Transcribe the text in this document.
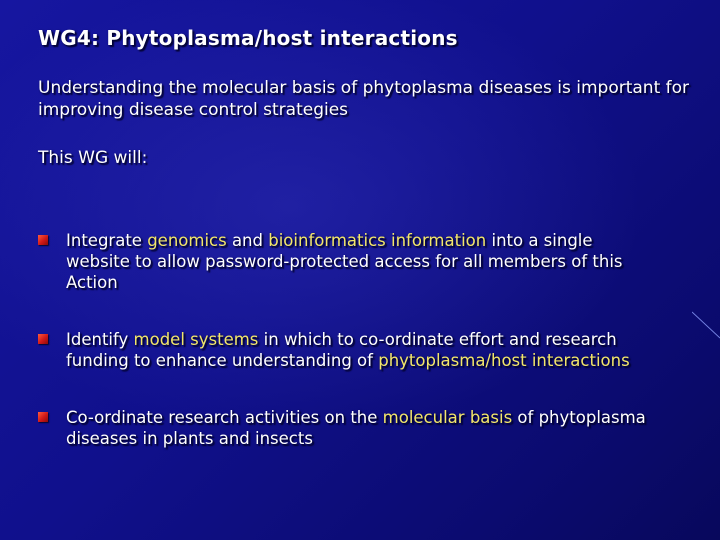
WG4: Phytoplasma/host interactions
Understanding the molecular basis of phytoplasma diseases is important for improving disease control strategies
This WG will:
Integrate genomics and bioinformatics information into a single website to allow password-protected access for all members of this Action
Identify model systems in which to co-ordinate effort and research funding to enhance understanding of phytoplasma/host interactions
Co-ordinate research activities on the molecular basis of phytoplasma diseases in plants and insects
